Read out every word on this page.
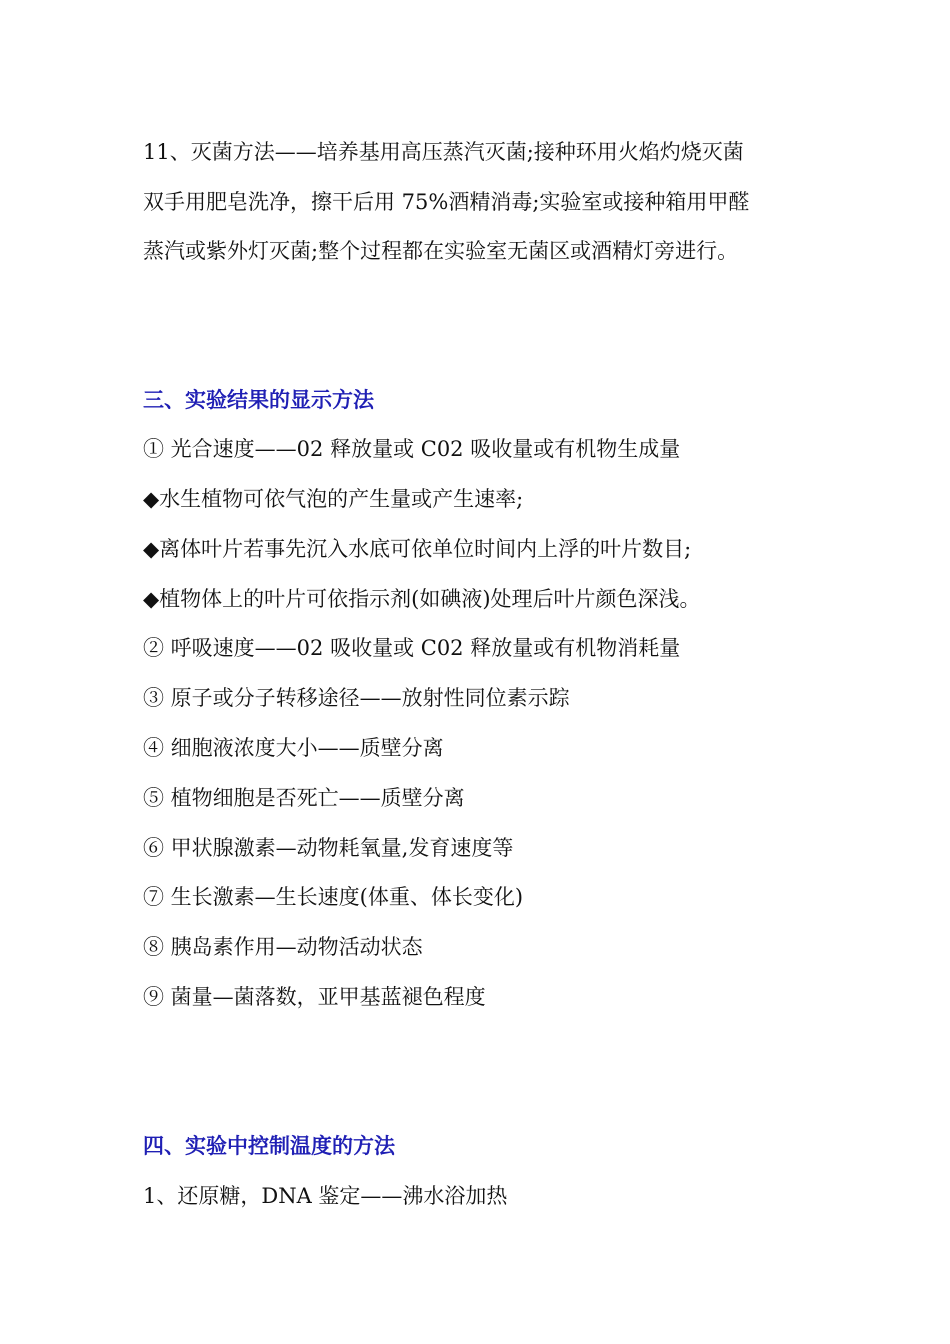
11、灭菌方法——培养基用高压蒸汽灭菌;接种环用火焰灼烧灭菌
双手用肥皂洗净，擦干后用 75%酒精消毒;实验室或接种箱用甲醛
蒸汽或紫外灯灭菌;整个过程都在实验室无菌区或酒精灯旁进行。
三、实验结果的显示方法
① 光合速度——02 释放量或 C02 吸收量或有机物生成量
◆水生植物可依气泡的产生量或产生速率;
◆离体叶片若事先沉入水底可依单位时间内上浮的叶片数目;
◆植物体上的叶片可依指示剂(如碘液)处理后叶片颜色深浅。
② 呼吸速度——02 吸收量或 C02 释放量或有机物消耗量
③ 原子或分子转移途径——放射性同位素示踪
④ 细胞液浓度大小——质壁分离
⑤ 植物细胞是否死亡——质壁分离
⑥ 甲状腺激素—动物耗氧量,发育速度等
⑦ 生长激素—生长速度(体重、体长变化)
⑧ 胰岛素作用—动物活动状态
⑨ 菌量—菌落数，亚甲基蓝褪色程度
四、实验中控制温度的方法
1、还原糖，DNA 鉴定——沸水浴加热
